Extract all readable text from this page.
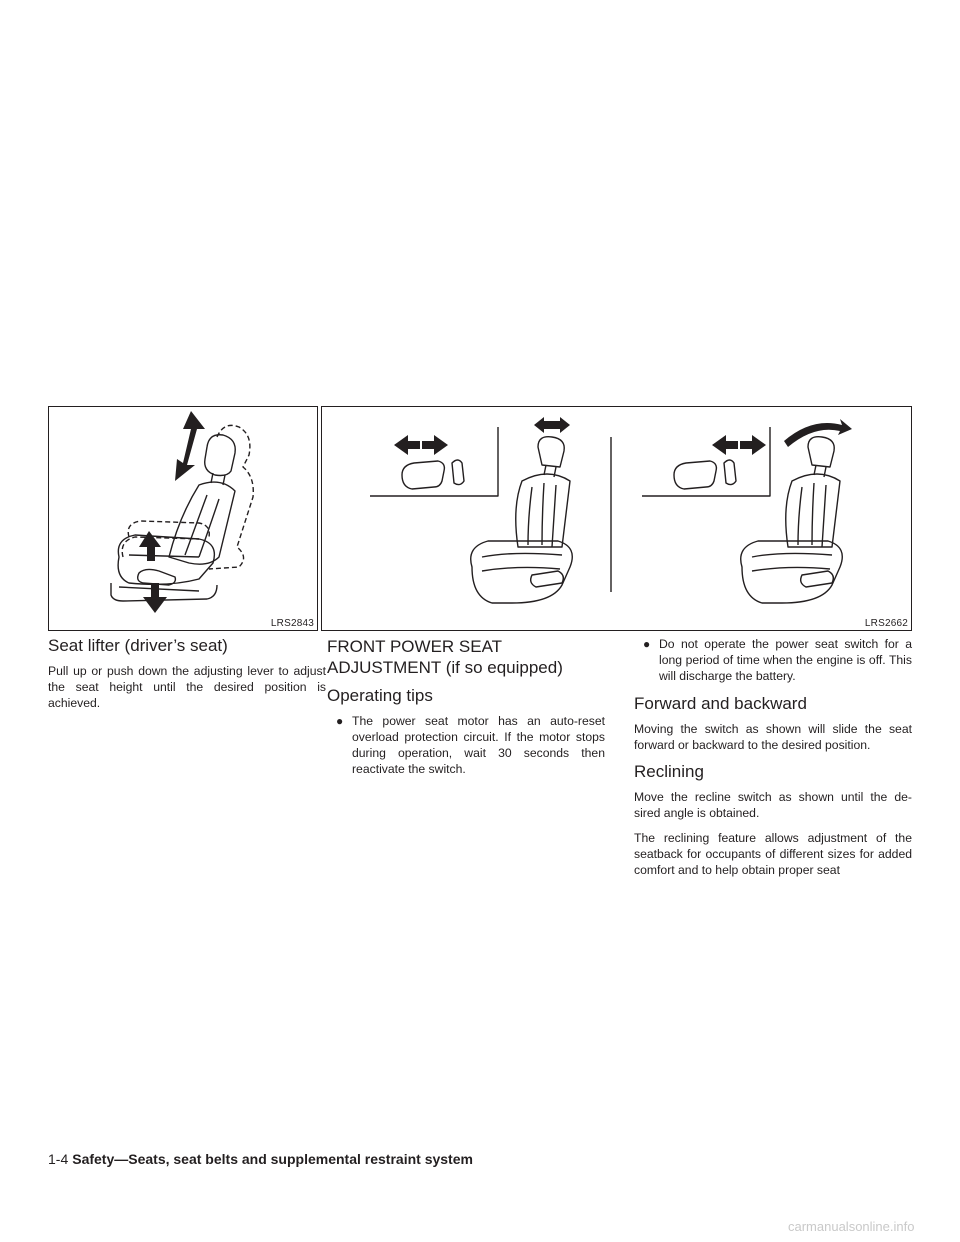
LRS2843	LRS2662
Seat lifter (driver’s seat)

Pull up or push down the adjusting lever to adjust the seat height until the desired position is achieved.

FRONT POWER SEAT ADJUSTMENT (if so equipped)
Operating tips
● The power seat motor has an auto-reset overload protection circuit. If the motor stops during operation, wait 30 seconds then reactivate the switch.
● Do not operate the power seat switch for a long period of time when the engine is off. This will discharge the battery.
Forward and backward

Moving the switch as shown will slide the seat forward or backward to the desired position.

Reclining

Move the recline switch as shown until the de- sired angle is obtained.

The reclining feature allows adjustment of the seatback for occupants of different sizes for added comfort and to help obtain proper seat

1-4 Safety—Seats, seat belts and supplemental restraint system
carmanualsonline.info
